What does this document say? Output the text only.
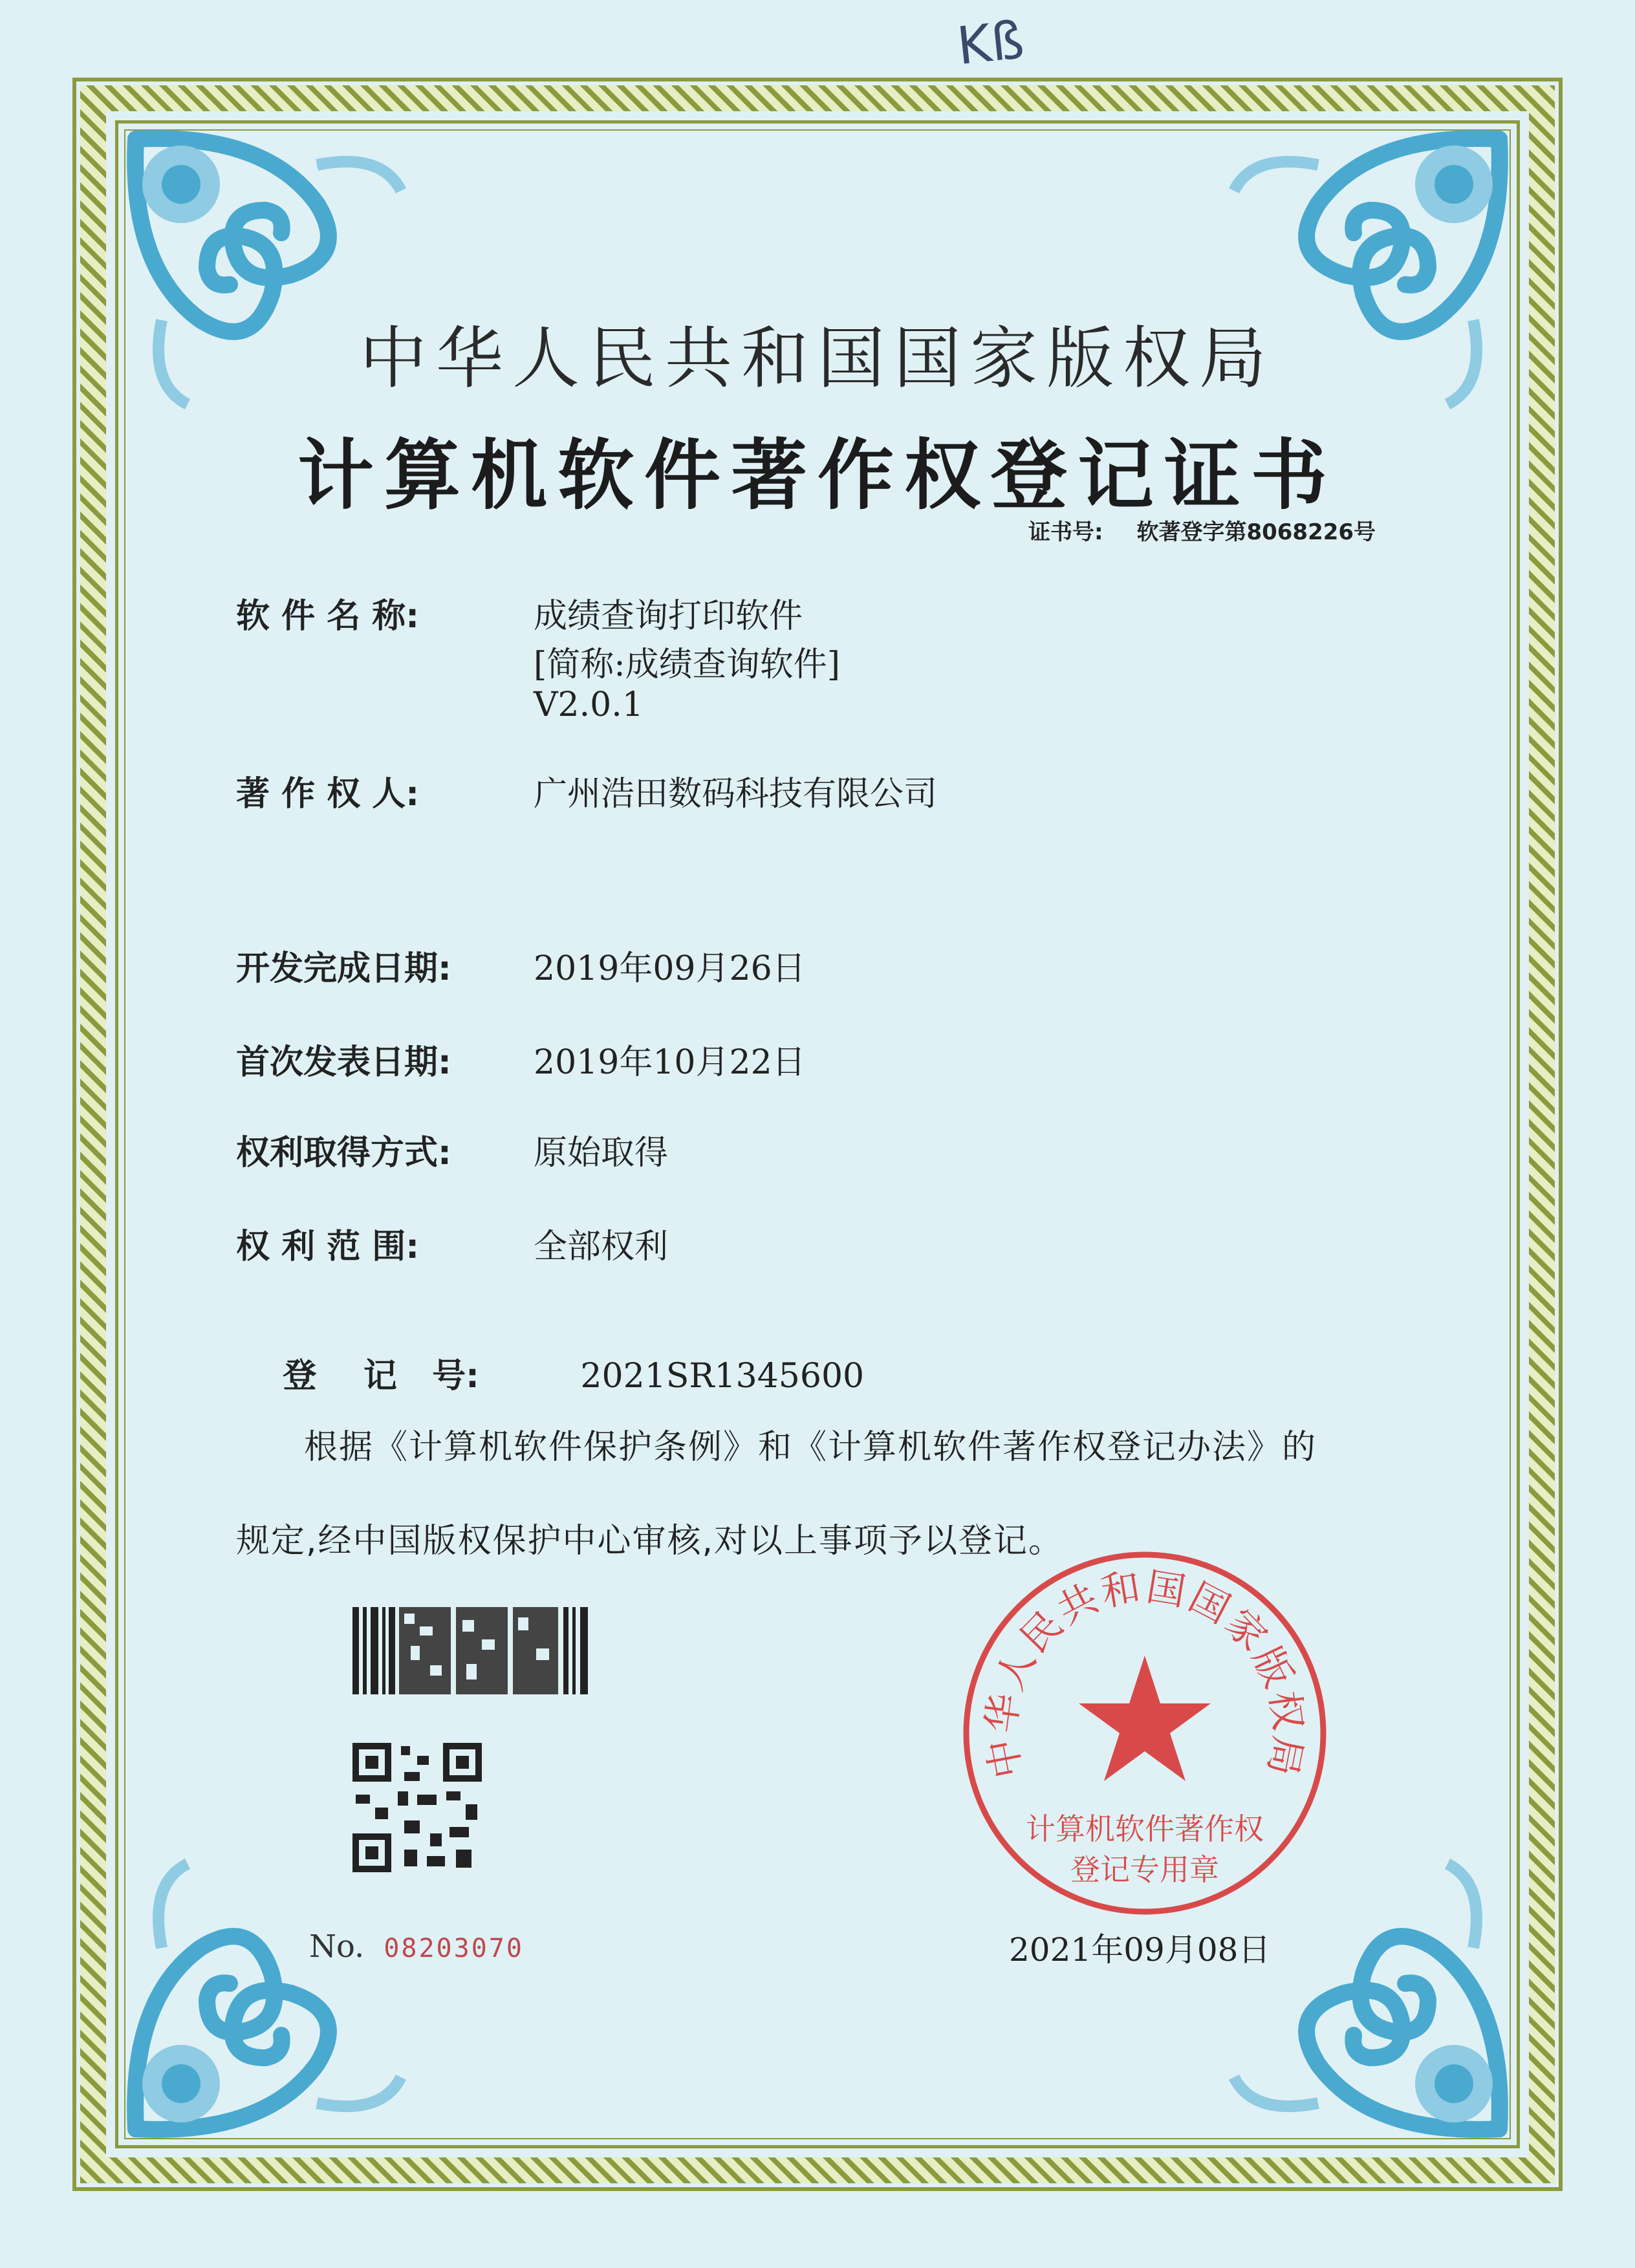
Kß
中华人民共和国国家版权局
计算机软件著作权登记证书
证书号: 软著登字第8068226号
软 件 名 称:	成绩查询打印软件
[简称:成绩查询软件]
V2.0.1
著 作 权 人:	广州浩田数码科技有限公司
开发完成日期: 2019年09月26日
首次发表日期: 2019年10月22日
权利取得方式: 原始取得
权 利 范 围:	全部权利

登    记   号:	2021SR1345600

根据《计算机软件保护条例》和《计算机软件著作权登记办法》的
规定,经中国版权保护中心审核,对以上事项予以登记。
No. 08203070
中华人民共和国国家版权局
计算机软件著作权
登记专用章
2021年09月08日
